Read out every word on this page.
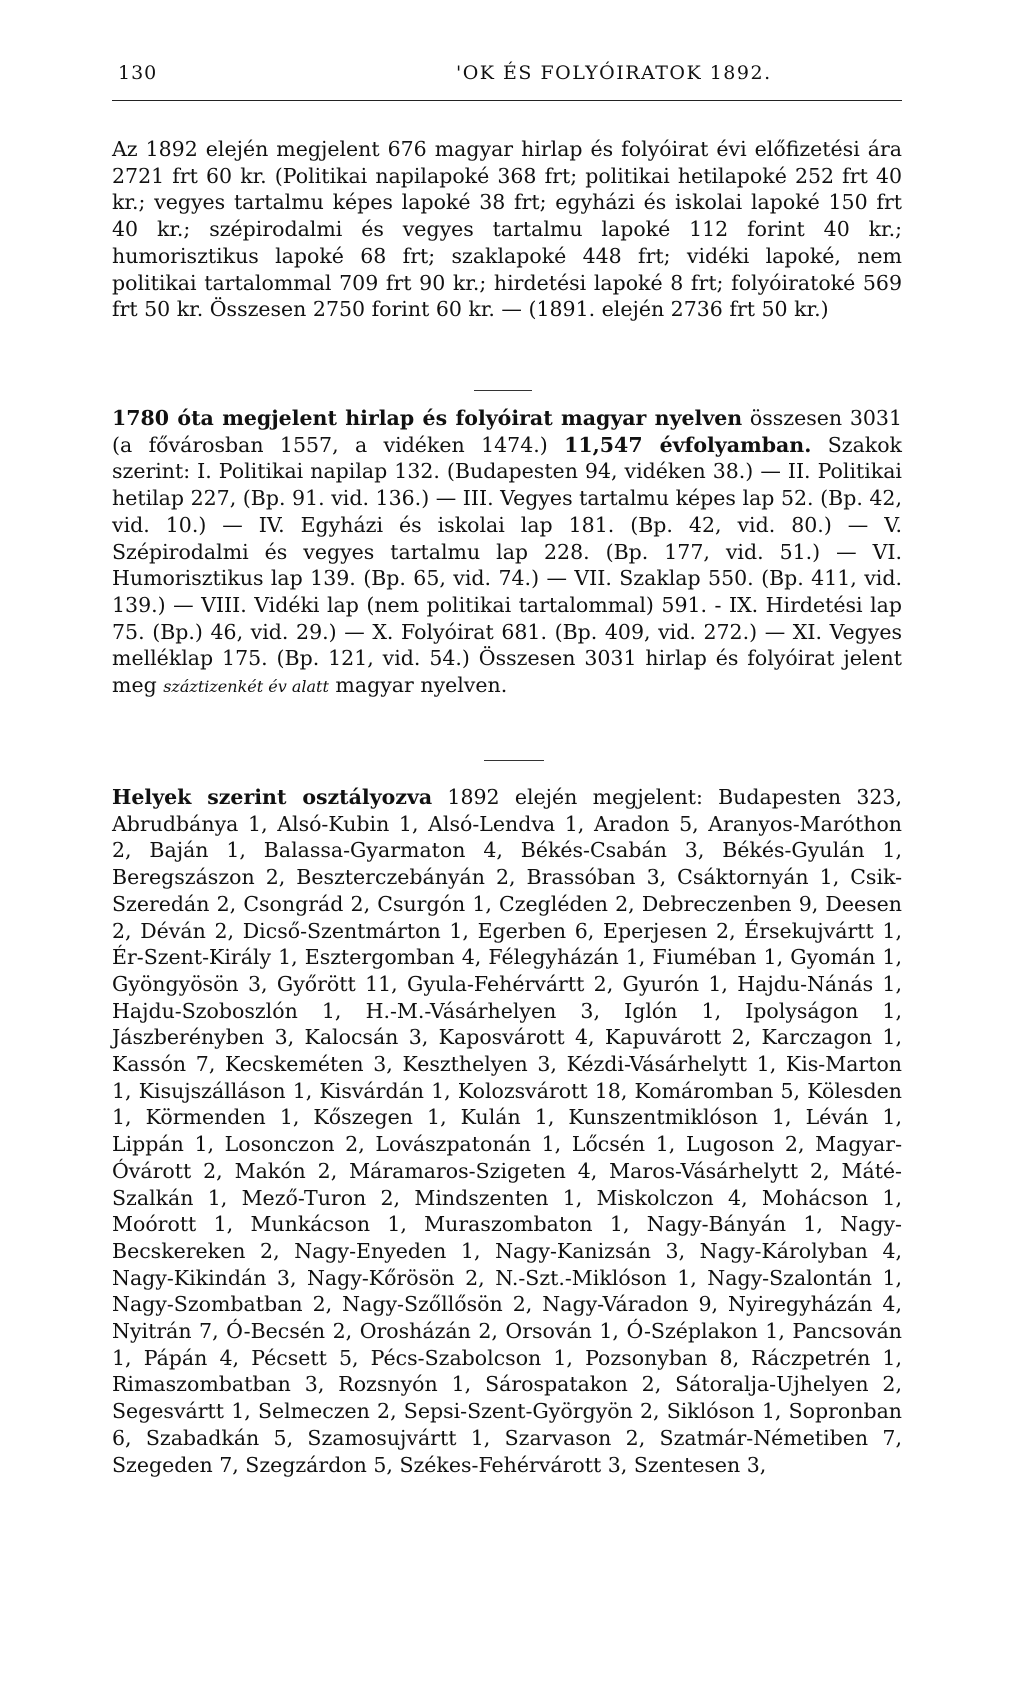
130	'OK ÉS FOLYÓIRATOK 1892.
Az 1892 elején megjelent 676 magyar hirlap és folyóirat évi előfizetési ára 2721 frt 60 kr. (Politikai napilapoké 368 frt; politikai hetilapoké 252 frt 40 kr.; vegyes tartalmu képes lapoké 38 frt; egyházi és iskolai lapoké 150 frt 40 kr.; szépirodalmi és vegyes tartalmu lapoké 112 forint 40 kr.; humorisztikus lapoké 68 frt; szaklapoké 448 frt; vidéki lapoké, nem politikai tartalommal 709 frt 90 kr.; hirdetési lapoké 8 frt; folyóiratoké 569 frt 50 kr. Összesen 2750 forint 60 kr. — (1891. elején 2736 frt 50 kr.)
1780 óta megjelent hirlap és folyóirat magyar nyelven összesen 3031 (a fővárosban 1557, a vidéken 1474.) 11,547 évfolyamban. Szakok szerint: I. Politikai napilap 132. (Budapesten 94, vidéken 38.) — II. Politikai hetilap 227, (Bp. 91. vid. 136.) — III. Vegyes tartalmu képes lap 52. (Bp. 42, vid. 10.) — IV. Egyházi és iskolai lap 181. (Bp. 42, vid. 80.) — V. Szépirodalmi és vegyes tartalmu lap 228. (Bp. 177, vid. 51.) — VI. Humorisztikus lap 139. (Bp. 65, vid. 74.) — VII. Szaklap 550. (Bp. 411, vid. 139.) — VIII. Vidéki lap (nem politikai tartalommal) 591. - IX. Hirdetési lap 75. (Bp.) 46, vid. 29.) — X. Folyóirat 681. (Bp. 409, vid. 272.) — XI. Vegyes melléklap 175. (Bp. 121, vid. 54.) Összesen 3031 hirlap és folyóirat jelent meg száztizenkét év alatt magyar nyelven.
Helyek szerint osztályozva 1892 elején megjelent: Budapesten 323, Abrudbánya 1, Alsó-Kubin 1, Alsó-Lendva 1, Aradon 5, Aranyos-Maróthon 2, Baján 1, Balassa-Gyarmaton 4, Békés-Csabán 3, Békés-Gyulán 1, Beregszászon 2, Beszterczebányán 2, Brassóban 3, Csáktornyán 1, Csik-Szeredán 2, Csongrád 2, Csurgón 1, Czegléden 2, Debreczenben 9, Deesen 2, Déván 2, Dicső-Szentmárton 1, Egerben 6, Eperjesen 2, Érsekujvártt 1, Ér-Szent-Király 1, Esztergomban 4, Félegyházán 1, Fiuméban 1, Gyomán 1, Gyöngyösön 3, Győrött 11, Gyula-Fehérvártt 2, Gyurón 1, Hajdu-Nánás 1, Hajdu-Szoboszlón 1, H.-M.-Vásárhelyen 3, Iglón 1, Ipolyságon 1, Jászberényben 3, Kalocsán 3, Kaposvárott 4, Kapuvárott 2, Karczagon 1, Kassón 7, Kecskeméten 3, Keszthelyen 3, Kézdi-Vásárhelytt 1, Kis-Marton 1, Kisujszálláson 1, Kisvárdán 1, Kolozsvárott 18, Komáromban 5, Kölesden 1, Körmenden 1, Kőszegen 1, Kulán 1, Kunszentmiklóson 1, Léván 1, Lippán 1, Losonczon 2, Lovászpatonán 1, Lőcsén 1, Lugoson 2, Magyar-Óvárott 2, Makón 2, Máramaros-Szigeten 4, Maros-Vásárhelytt 2, Máté-Szalkán 1, Mező-Turon 2, Mindszenten 1, Miskolczon 4, Mohácson 1, Moórott 1, Munkácson 1, Muraszombaton 1, Nagy-Bányán 1, Nagy-Becskereken 2, Nagy-Enyeden 1, Nagy-Kanizsán 3, Nagy-Károlyban 4, Nagy-Kikindán 3, Nagy-Kőrösön 2, N.-Szt.-Miklóson 1, Nagy-Szalontán 1, Nagy-Szombatban 2, Nagy-Szőllősön 2, Nagy-Váradon 9, Nyiregyházán 4, Nyitrán 7, Ó-Becsén 2, Orosházán 2, Orsován 1, Ó-Széplakon 1, Pancsován 1, Pápán 4, Pécsett 5, Pécs-Szabolcson 1, Pozsonyban 8, Ráczpetrén 1, Rimaszombatban 3, Rozsnyón 1, Sárospatakon 2, Sátoralja-Ujhelyen 2, Segesvártt 1, Selmeczen 2, Sepsi-Szent-Györgyön 2, Siklóson 1, Sopronban 6, Szabadkán 5, Szamosujvártt 1, Szarvason 2, Szatmár-Németiben 7, Szegeden 7, Szegzárdon 5, Székes-Fehérvárott 3, Szentesen 3,
